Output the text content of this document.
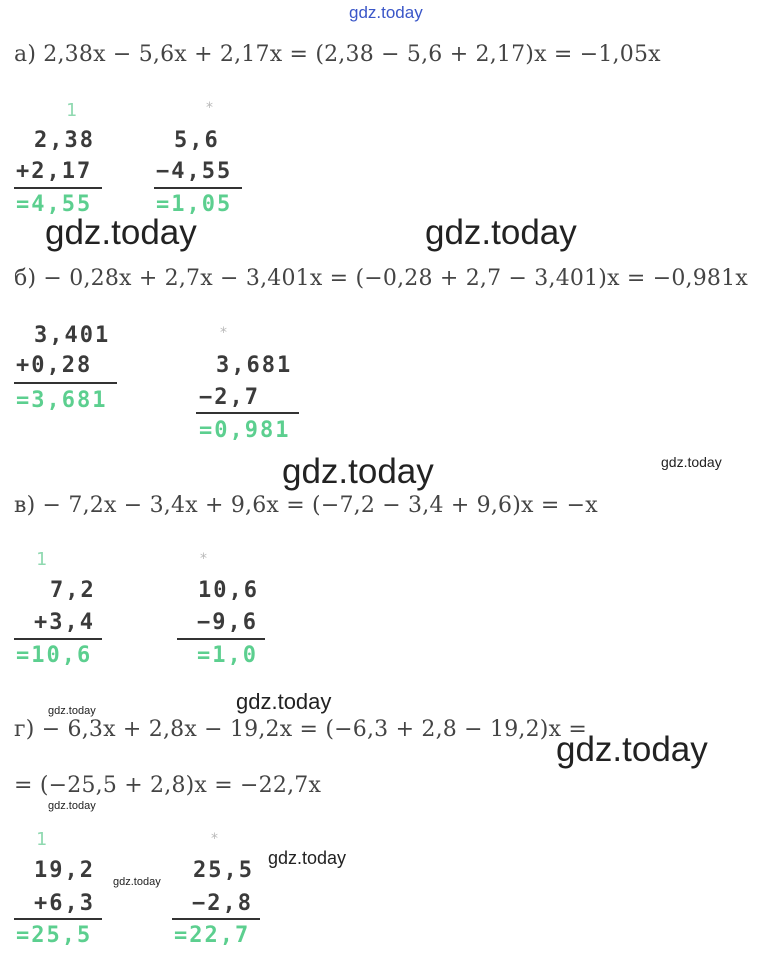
gdz.today
а) 2,38x − 5,6x + 2,17x = (2,38 − 5,6 + 2,17)x = −1,05x
1
2,38
+2,17
=4,55
*
5,6
−4,55
=1,05
gdz.today	gdz.today
б) − 0,28x + 2,7x − 3,401x = (−0,28 + 2,7 − 3,401)x = −0,981x
3,401
+0,28
=3,681
*
3,681
−2,7
=0,981
gdz.today	gdz.today
в) − 7,2x − 3,4x + 9,6x = (−7,2 − 3,4 + 9,6)x = −x
1
7,2
+3,4
=10,6
*
10,6
−9,6
=1,0
gdz.today
gdz.today
г) − 6,3x + 2,8x − 19,2x = (−6,3 + 2,8 − 19,2)x =
gdz.today
= (−25,5 + 2,8)x = −22,7x
gdz.today
1
19,2
+6,3
=25,5
gdz.today
*
25,5
−2,8
=22,7
gdz.today
